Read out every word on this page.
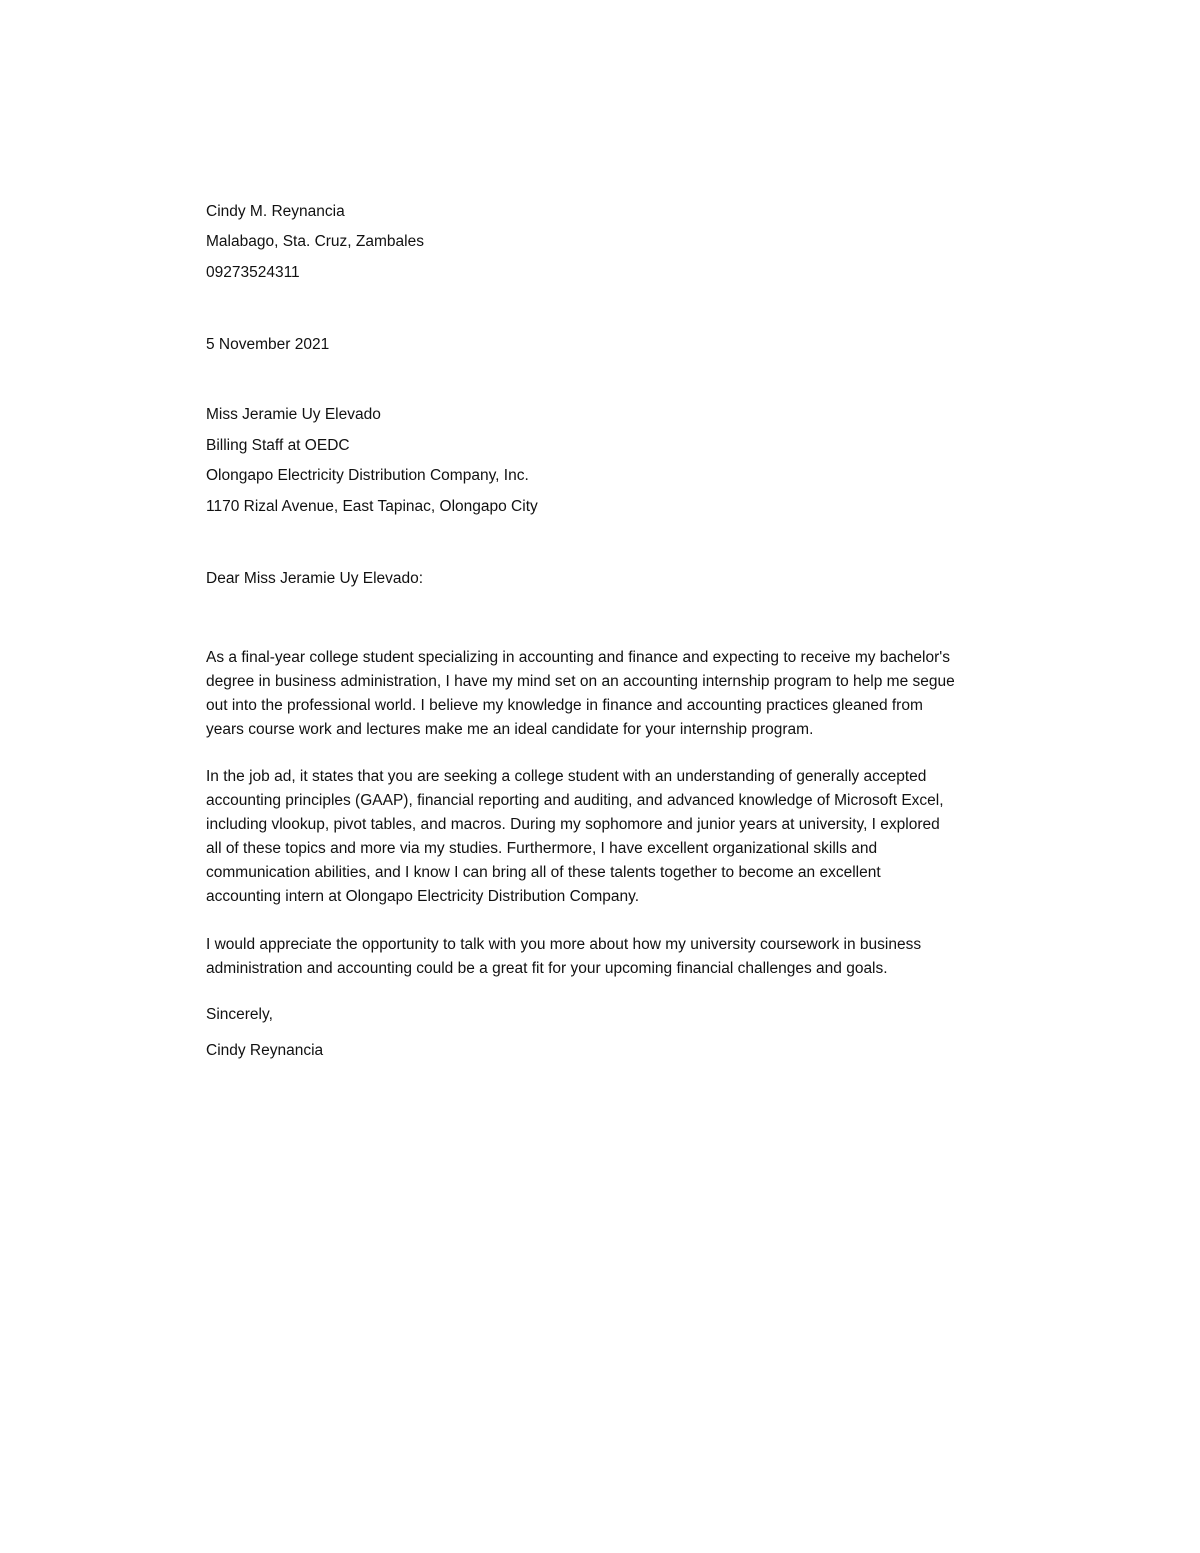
Cindy M. Reynancia
Malabago, Sta. Cruz, Zambales
09273524311
5 November 2021
Miss Jeramie Uy Elevado
Billing Staff at OEDC
Olongapo Electricity Distribution Company, Inc.
1170 Rizal Avenue, East Tapinac, Olongapo City
Dear Miss Jeramie Uy Elevado:
As a final-year college student specializing in accounting and finance and expecting to receive my bachelor's
degree in business administration, I have my mind set on an accounting internship program to help me segue
out into the professional world. I believe my knowledge in finance and accounting practices gleaned from
years course work and lectures make me an ideal candidate for your internship program.
In the job ad, it states that you are seeking a college student with an understanding of generally accepted
accounting principles (GAAP), financial reporting and auditing, and advanced knowledge of Microsoft Excel,
including vlookup, pivot tables, and macros. During my sophomore and junior years at university, I explored
all of these topics and more via my studies. Furthermore, I have excellent organizational skills and
communication abilities, and I know I can bring all of these talents together to become an excellent
accounting intern at Olongapo Electricity Distribution Company.
I would appreciate the opportunity to talk with you more about how my university coursework in business
administration and accounting could be a great fit for your upcoming financial challenges and goals.
Sincerely,
Cindy Reynancia
